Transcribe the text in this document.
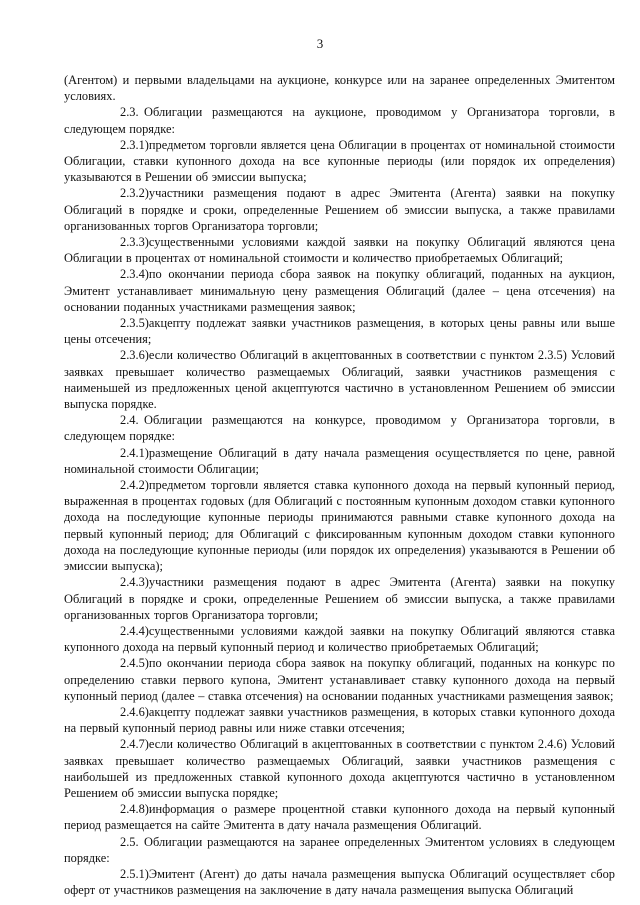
3

(Агентом) и первыми владельцами на аукционе, конкурсе или на заранее определенных Эмитентом условиях.

2.3. Облигации размещаются на аукционе, проводимом у Организатора торговли, в следующем порядке:

2.3.1)предметом торговли является цена Облигации в процентах от номинальной стоимости Облигации, ставки купонного дохода на все купонные периоды (или порядок их определения) указываются в Решении об эмиссии выпуска;

2.3.2)участники размещения подают в адрес Эмитента (Агента) заявки на покупку Облигаций в порядке и сроки, определенные Решением об эмиссии выпуска, а также правилами организованных торгов Организатора торговли;

2.3.3)существенными условиями каждой заявки на покупку Облигаций являются цена Облигации в процентах от номинальной стоимости и количество приобретаемых Облигаций;

2.3.4)по окончании периода сбора заявок на покупку облигаций, поданных на аукцион, Эмитент устанавливает минимальную цену размещения Облигаций (далее – цена отсечения) на основании поданных участниками размещения заявок;

2.3.5)акцепту подлежат заявки участников размещения, в которых цены равны или выше цены отсечения;

2.3.6)если количество Облигаций в акцептованных в соответствии с пунктом 2.3.5) Условий заявках превышает количество размещаемых Облигаций, заявки участников размещения с наименьшей из предложенных ценой акцептуются частично в установленном Решением об эмиссии выпуска порядке.

2.4. Облигации размещаются на конкурсе, проводимом у Организатора торговли, в следующем порядке:

2.4.1)размещение Облигаций в дату начала размещения осуществляется по цене, равной номинальной стоимости Облигации;

2.4.2)предметом торговли является ставка купонного дохода на первый купонный период, выраженная в процентах годовых (для Облигаций с постоянным купонным доходом ставки купонного дохода на последующие купонные периоды принимаются равными ставке купонного дохода на первый купонный период; для Облигаций с фиксированным купонным доходом ставки купонного дохода на последующие купонные периоды (или порядок их определения) указываются в Решении об эмиссии выпуска);

2.4.3)участники размещения подают в адрес Эмитента (Агента) заявки на покупку Облигаций в порядке и сроки, определенные Решением об эмиссии выпуска, а также правилами организованных торгов Организатора торговли;

2.4.4)существенными условиями каждой заявки на покупку Облигаций являются ставка купонного дохода на первый купонный период и количество приобретаемых Облигаций;

2.4.5)по окончании периода сбора заявок на покупку облигаций, поданных на конкурс по определению ставки первого купона, Эмитент устанавливает ставку купонного дохода на первый купонный период (далее – ставка отсечения) на основании поданных участниками размещения заявок;

2.4.6)акцепту подлежат заявки участников размещения, в которых ставки купонного дохода на первый купонный период равны или ниже ставки отсечения;

2.4.7)если количество Облигаций в акцептованных в соответствии с пунктом 2.4.6) Условий заявках превышает количество размещаемых Облигаций, заявки участников размещения с наибольшей из предложенных ставкой купонного дохода акцептуются частично в установленном Решением об эмиссии выпуска порядке;

2.4.8)информация о размере процентной ставки купонного дохода на первый купонный период размещается на сайте Эмитента в дату начала размещения Облигаций.

2.5. Облигации размещаются на заранее определенных Эмитентом условиях в следующем порядке:

2.5.1)Эмитент (Агент) до даты начала размещения выпуска Облигаций осуществляет сбор оферт от участников размещения на заключение в дату начала размещения выпуска Облигаций
